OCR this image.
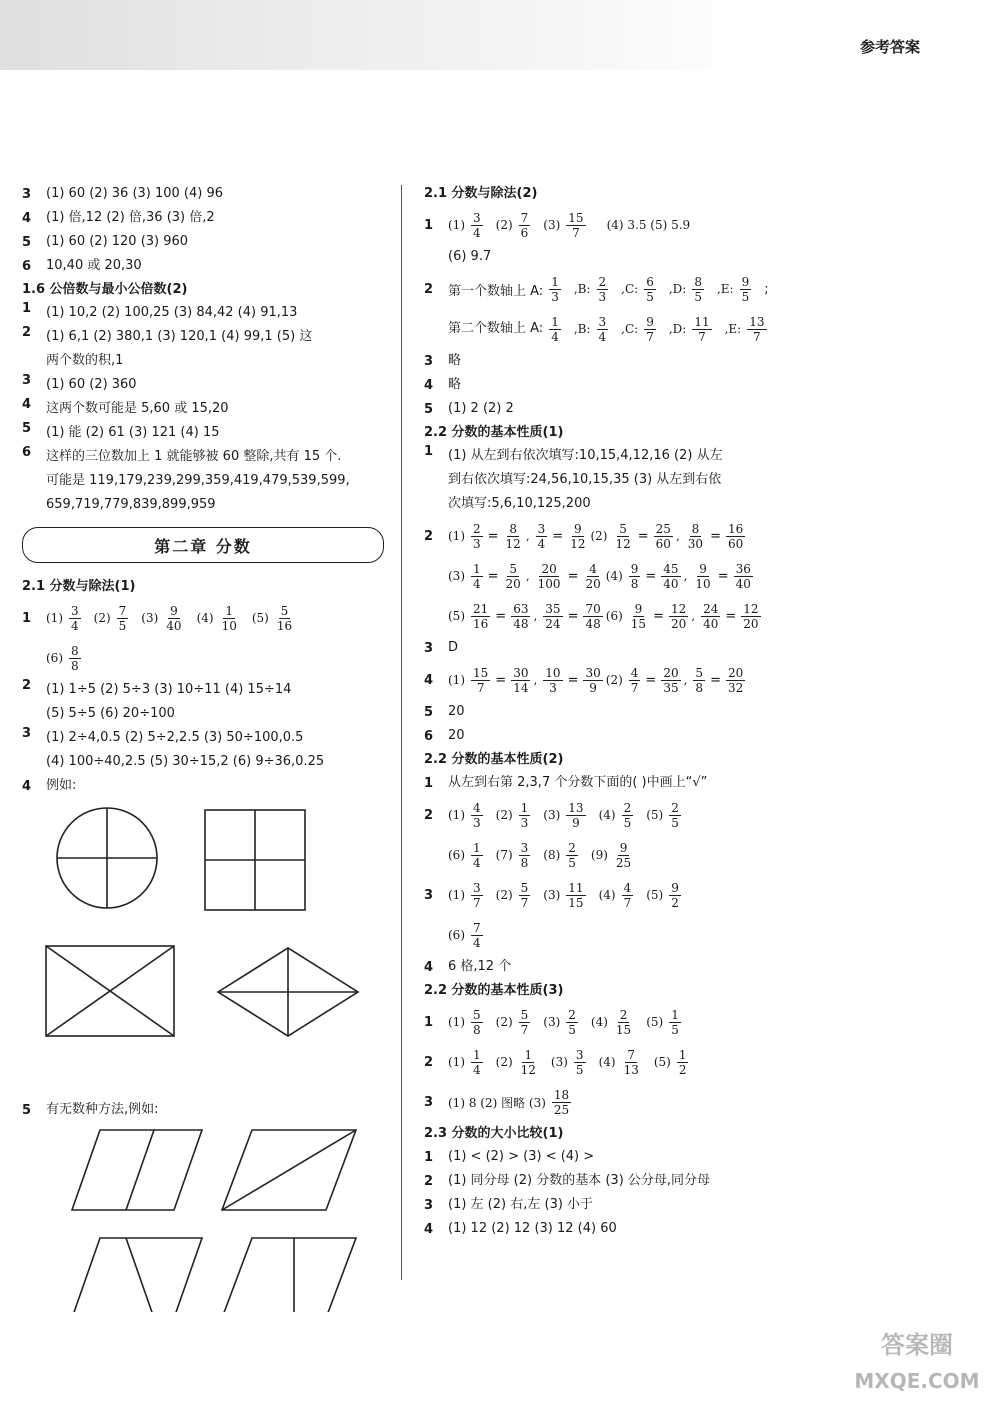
参考答案
3	(1) 60 (2) 36 (3) 100 (4) 96
4	(1) 倍,12 (2) 倍,36 (3) 倍,2
5	(1) 60 (2) 120 (3) 960
6	10,40 或 20,30
1.6 公倍数与最小公倍数(2)
1	(1) 10,2 (2) 100,25 (3) 84,42 (4) 91,13
2	(1) 6,1 (2) 380,1 (3) 120,1 (4) 99,1 (5) 这
两个数的积,1
3	(1) 60 (2) 360
4	这两个数可能是 5,60 或 15,20
5	(1) 能 (2) 61 (3) 121 (4) 15
6	这样的三位数加上 1 就能够被 60 整除,共有 15 个.
可能是 119,179,239,299,359,419,479,539,599,
659,719,779,839,899,959
第二章 分数
2.1 分数与除法(1)
1	$(1) \frac{3}{4} (2) \frac{7}{5} (3) \frac{9}{40} (4) \frac{1}{10} (5) \frac{5}{16}$
$(6) \frac{8}{8}$
2	(1) 1÷5 (2) 5÷3 (3) 10÷11 (4) 15÷14
(5) 5÷5 (6) 20÷100
3	(1) 2÷4,0.5 (2) 5÷2,2.5 (3) 50÷100,0.5
(4) 100÷40,2.5 (5) 30÷15,2 (6) 9÷36,0.25
4	例如:
5	有无数种方法,例如:
2.1 分数与除法(2)
1	$(1) \frac{3}{4} (2) \frac{7}{6} (3) \frac{15}{7} (4)$ 3.5 (5) 5.9
(6) 9.7
2	第一个数轴上 A: $\frac{1}{3} ,B$: $\frac{2}{3} ,C$: $\frac{6}{5} ,D$: $\frac{8}{5} ,E$: $\frac{9}{5}$ ;
第二个数轴上 A: $\frac{1}{4} ,B$: $\frac{3}{4} ,C$: $\frac{9}{7} ,D$: $\frac{11}{7} ,E$: $\frac{13}{7}$
3	略
4	略
5	(1) 2 (2) 2
2.2 分数的基本性质(1)
1	(1) 从左到右依次填写:10,15,4,12,16 (2) 从左
到右依次填写:24,56,10,15,35 (3) 从左到右依
次填写:5,6,10,125,200
2	$(1) \frac{2}{3} = \frac{8}{12}$ , $\frac{3}{4} = \frac{9}{12} (2) \frac{5}{12} = \frac{25}{60}$ , $\frac{8}{30} = \frac{16}{60}$
$(3) \frac{1}{4} = \frac{5}{20}$ , $\frac{20}{100} = \frac{4}{20} (4) \frac{9}{8} = \frac{45}{40}$ , $\frac{9}{10} = \frac{36}{40}$
$(5) \frac{21}{16} = \frac{63}{48}$ , $\frac{35}{24} = \frac{70}{48} (6) \frac{9}{15} = \frac{12}{20}$ , $\frac{24}{40} = \frac{12}{20}$
3	D
4	$(1) \frac{15}{7} = \frac{30}{14}$ , $\frac{10}{3} = \frac{30}{9} (2) \frac{4}{7} = \frac{20}{35}$ , $\frac{5}{8} = \frac{20}{32}$
5	20
6	20
2.2 分数的基本性质(2)
1	从左到右第 2,3,7 个分数下面的( )中画上“√”
2	$(1) \frac{4}{3} (2) \frac{1}{3} (3) \frac{13}{9} (4) \frac{2}{5} (5) \frac{2}{5}$
$(6) \frac{1}{4} (7) \frac{3}{8} (8) \frac{2}{5} (9) \frac{9}{25}$
3	$(1) \frac{3}{7} (2) \frac{5}{7} (3) \frac{11}{15} (4) \frac{4}{7} (5) \frac{9}{2}$
$(6) \frac{7}{4}$
4	6 格,12 个
2.2 分数的基本性质(3)
1	$(1) \frac{5}{8} (2) \frac{5}{7} (3) \frac{2}{5} (4) \frac{2}{15} (5) \frac{1}{5}$
2	$(1) \frac{1}{4} (2) \frac{1}{12} (3) \frac{3}{5} (4) \frac{7}{13} (5) \frac{1}{2}$
3	(1) 8 (2) 图略 $(3) \frac{18}{25}$
2.3 分数的大小比较(1)
1	(1) < (2) > (3) < (4) >
2	(1) 同分母 (2) 分数的基本 (3) 公分母,同分母
3	(1) 左 (2) 右,左 (3) 小于
4	(1) 12 (2) 12 (3) 12 (4) 60
答案圈
MXQE.COM
